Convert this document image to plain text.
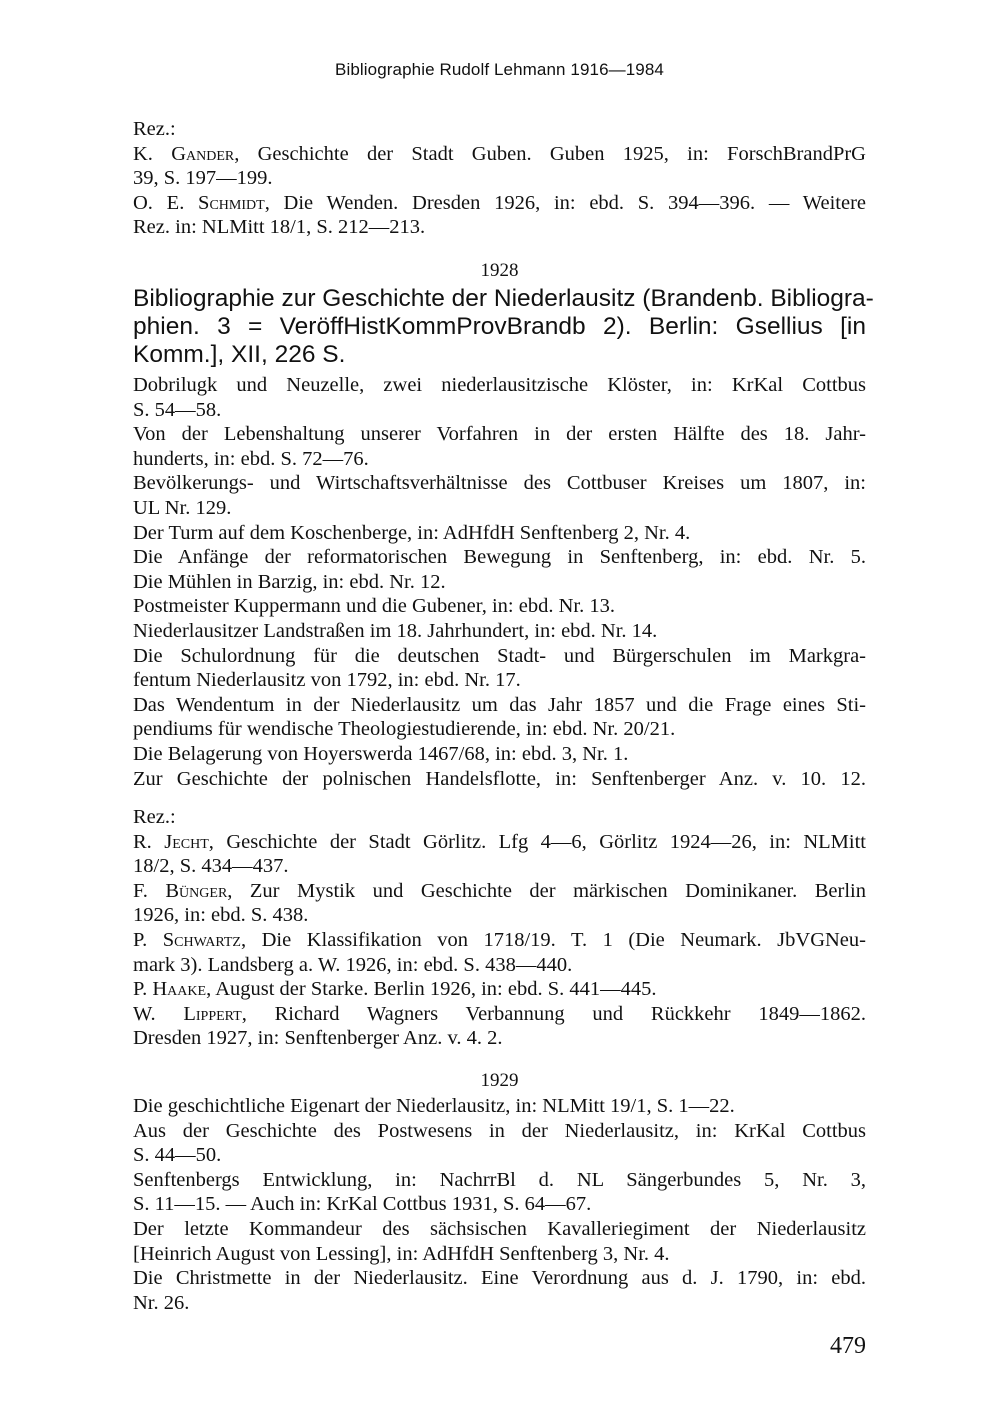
Bibliographie Rudolf Lehmann 1916—1984
Rez.:
K. Gander, Geschichte der Stadt Guben. Guben 1925, in: ForschBrandPrG
39, S. 197—199.
O. E. Schmidt, Die Wenden. Dresden 1926, in: ebd. S. 394—396. — Weitere
Rez. in: NLMitt 18/1, S. 212—213.
1928
Bibliographie zur Geschichte der Niederlausitz (Brandenb. Bibliogra-
phien. 3 = VeröffHistKommProvBrandb 2). Berlin: Gsellius [in
Komm.], XII, 226 S.
Dobrilugk und Neuzelle, zwei niederlausitzische Klöster, in: KrKal Cottbus
S. 54—58.
Von der Lebenshaltung unserer Vorfahren in der ersten Hälfte des 18. Jahr-
hunderts, in: ebd. S. 72—76.
Bevölkerungs- und Wirtschaftsverhältnisse des Cottbuser Kreises um 1807, in:
UL Nr. 129.
Der Turm auf dem Koschenberge, in: AdHfdH Senftenberg 2, Nr. 4.
Die Anfänge der reformatorischen Bewegung in Senftenberg, in: ebd. Nr. 5.
Die Mühlen in Barzig, in: ebd. Nr. 12.
Postmeister Kuppermann und die Gubener, in: ebd. Nr. 13.
Niederlausitzer Landstraßen im 18. Jahrhundert, in: ebd. Nr. 14.
Die Schulordnung für die deutschen Stadt- und Bürgerschulen im Markgra-
fentum Niederlausitz von 1792, in: ebd. Nr. 17.
Das Wendentum in der Niederlausitz um das Jahr 1857 und die Frage eines Sti-
pendiums für wendische Theologiestudierende, in: ebd. Nr. 20/21.
Die Belagerung von Hoyerswerda 1467/68, in: ebd. 3, Nr. 1.
Zur Geschichte der polnischen Handelsflotte, in: Senftenberger Anz. v. 10. 12.
Rez.:
R. Jecht, Geschichte der Stadt Görlitz. Lfg 4—6, Görlitz 1924—26, in: NLMitt
18/2, S. 434—437.
F. Bünger, Zur Mystik und Geschichte der märkischen Dominikaner. Berlin
1926, in: ebd. S. 438.
P. Schwartz, Die Klassifikation von 1718/19. T. 1 (Die Neumark. JbVGNeu-
mark 3). Landsberg a. W. 1926, in: ebd. S. 438—440.
P. Haake, August der Starke. Berlin 1926, in: ebd. S. 441—445.
W. Lippert, Richard Wagners Verbannung und Rückkehr 1849—1862.
Dresden 1927, in: Senftenberger Anz. v. 4. 2.
1929
Die geschichtliche Eigenart der Niederlausitz, in: NLMitt 19/1, S. 1—22.
Aus der Geschichte des Postwesens in der Niederlausitz, in: KrKal Cottbus
S. 44—50.
Senftenbergs Entwicklung, in: NachrrBl d. NL Sängerbundes 5, Nr. 3,
S. 11—15. — Auch in: KrKal Cottbus 1931, S. 64—67.
Der letzte Kommandeur des sächsischen Kavalleriegiment der Niederlausitz
[Heinrich August von Lessing], in: AdHfdH Senftenberg 3, Nr. 4.
Die Christmette in der Niederlausitz. Eine Verordnung aus d. J. 1790, in: ebd.
Nr. 26.
479
